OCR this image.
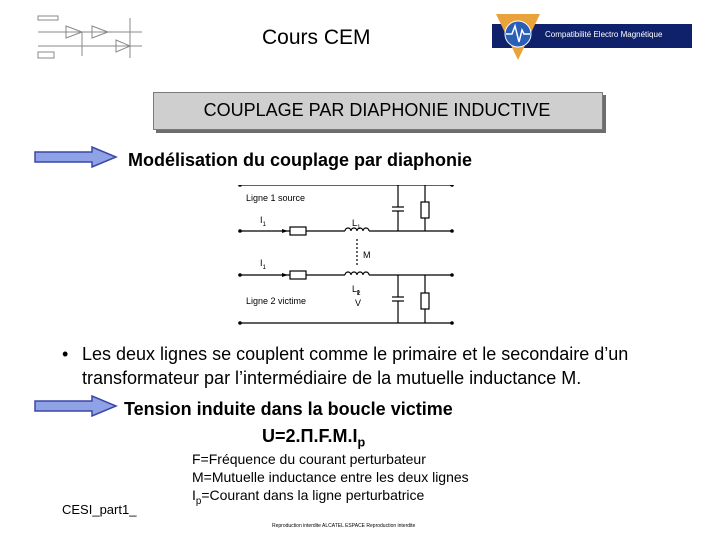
Cours CEM	Compatibilité Electro Magnétique
COUPLAGE PAR DIAPHONIE INDUCTIVE
Modélisation du couplage par diaphonie
Ligne 1 source
$I_1$	$L_1$
M
$I_1$
$L_2$
Ligne 2 victime	V
• Les deux lignes se couplent comme le primaire et le secondaire d’un
transformateur par l’intermédiaire de la mutuelle inductance M.
Tension induite dans la boucle victime
$U=2.\Pi.F.M.I_p$
F=Fréquence du courant perturbateur
M=Mutuelle inductance entre les deux lignes
$I_p=Courant$ dans la ligne perturbatrice
CESI_part1_
Reproduction interdite ALCATEL ESPACE Reproduction interdite
